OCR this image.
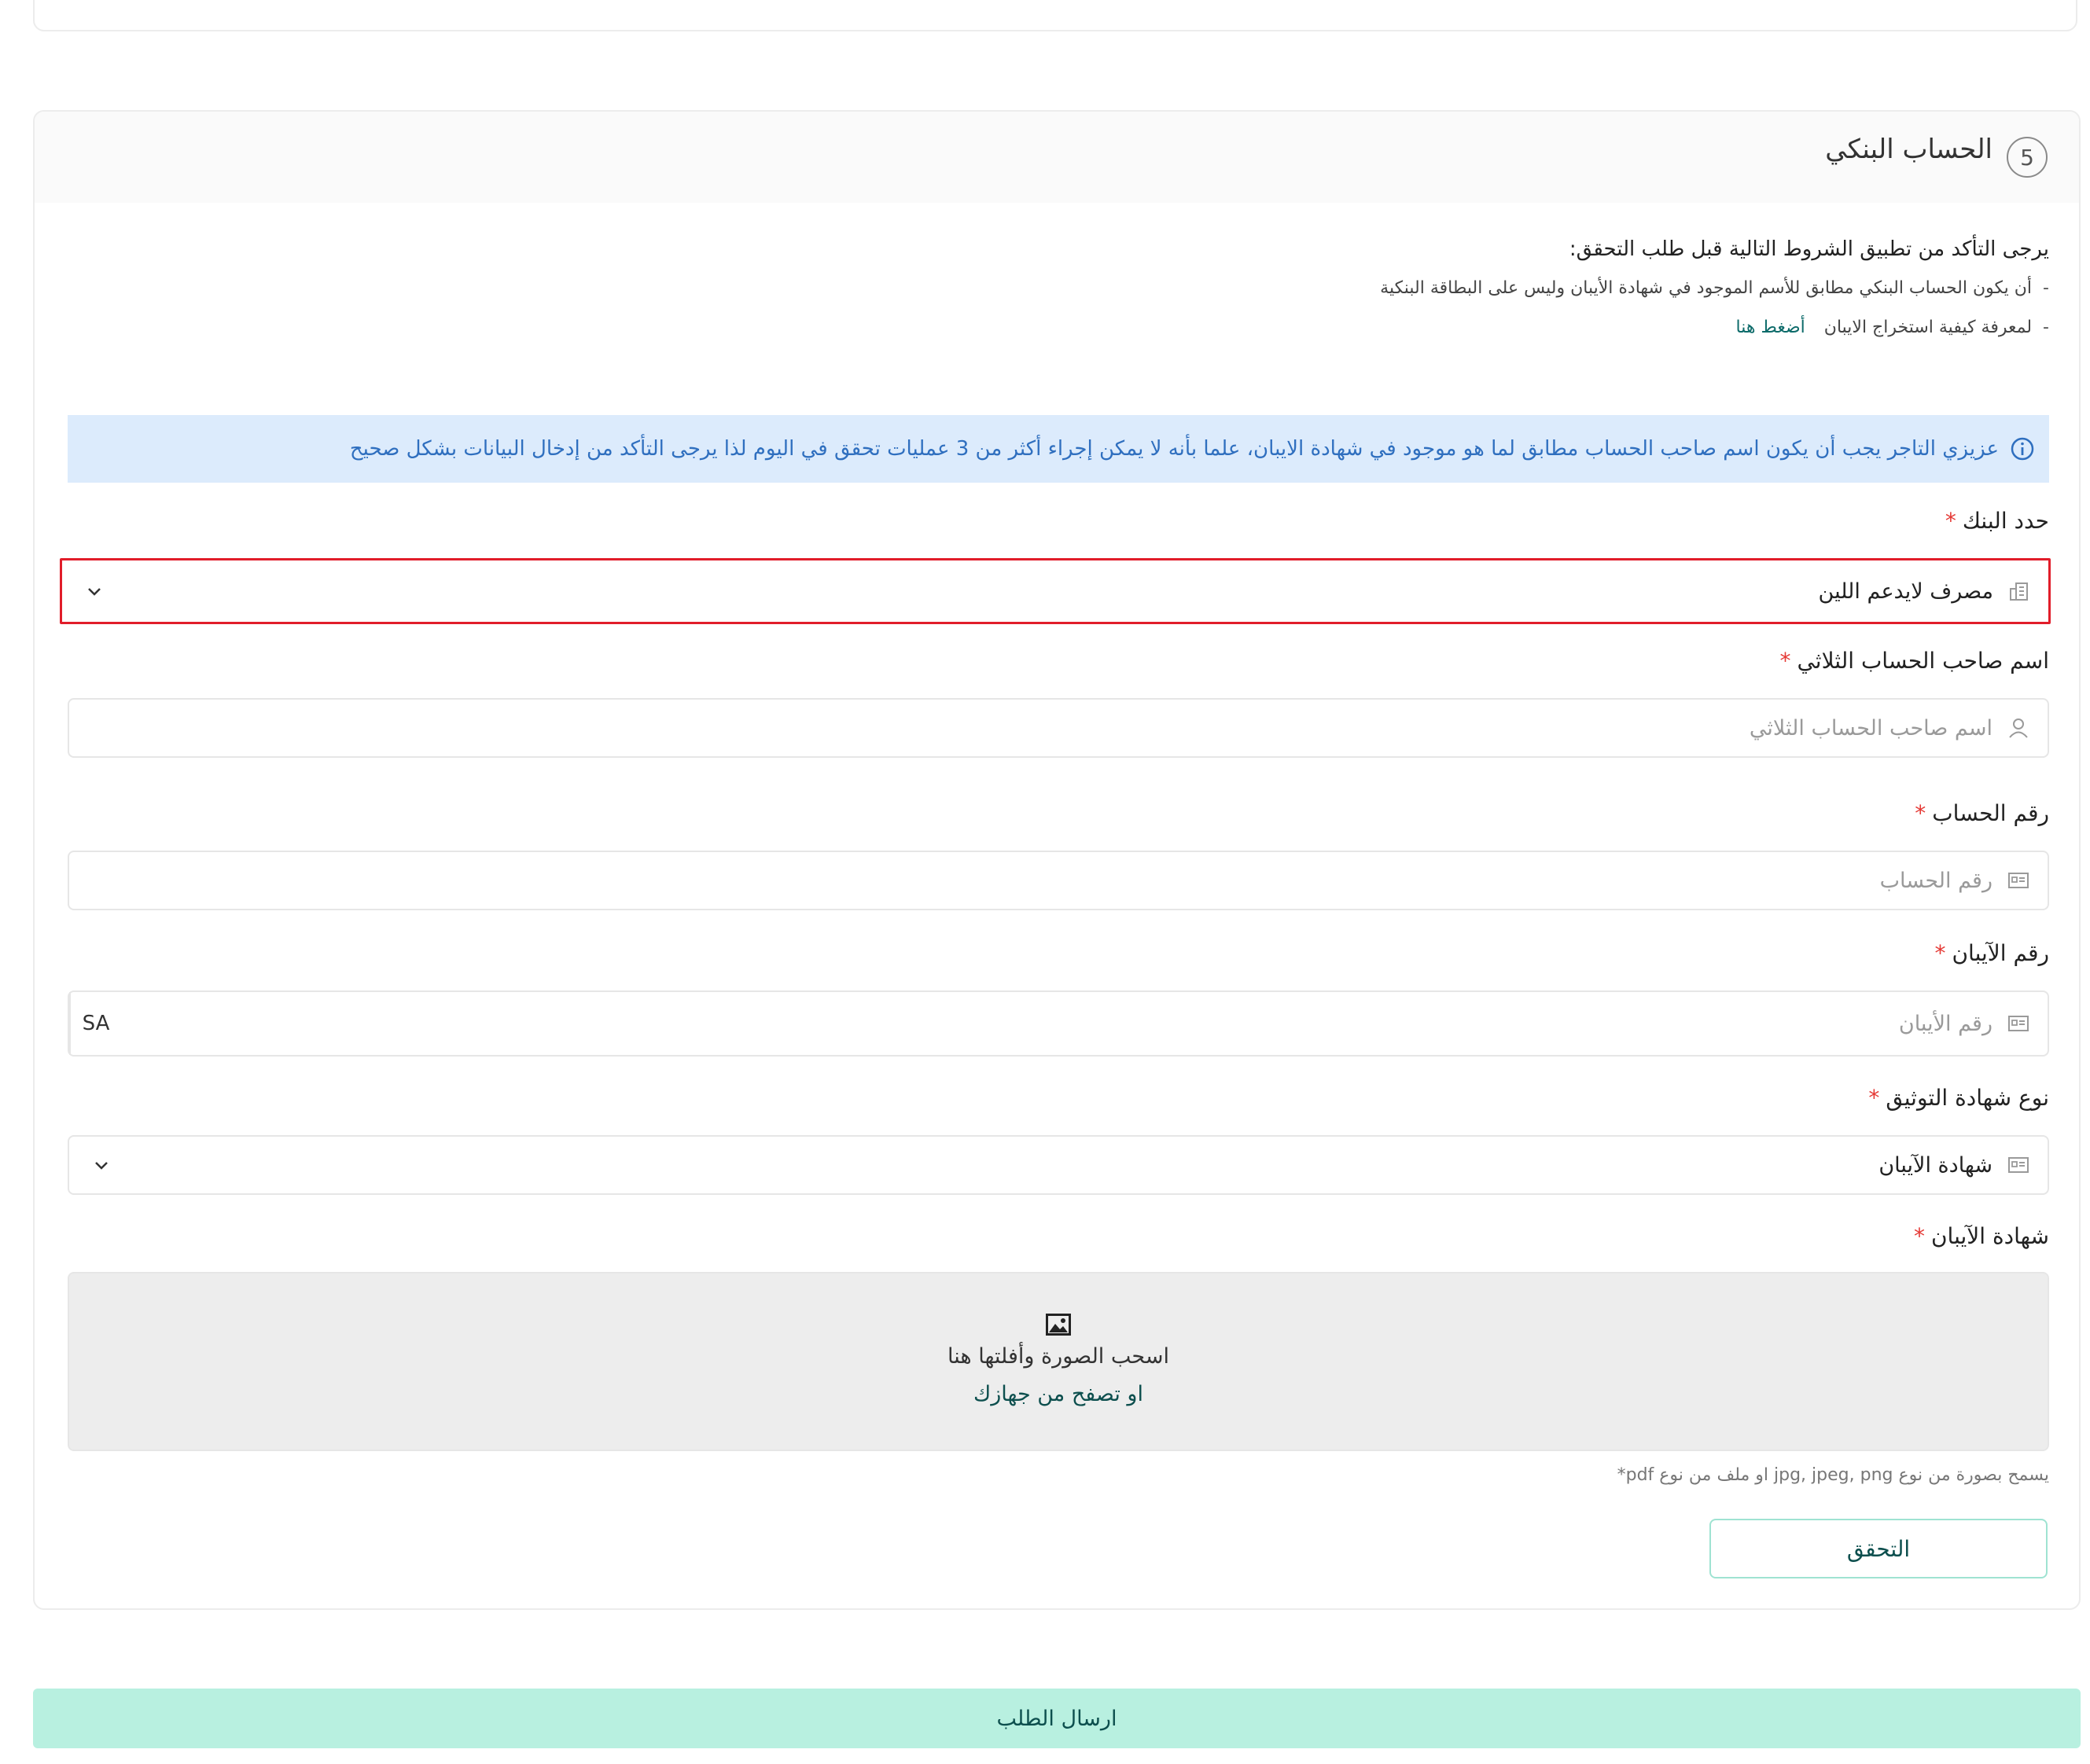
5
الحساب البنكي
يرجى التأكد من تطبيق الشروط التالية قبل طلب التحقق:
-
أن يكون الحساب البنكي مطابق للأسم الموجود في شهادة الأيبان وليس على البطاقة البنكية
-
لمعرفة كيفية استخراج الايبان
أضغط هنا
عزيزي التاجر يجب أن يكون اسم صاحب الحساب مطابق لما هو موجود في شهادة الايبان، علما بأنه لا يمكن إجراء أكثر من 3 عمليات تحقق في اليوم لذا يرجى التأكد من إدخال البيانات بشكل صحيح
حدد البنك*
مصرف لايدعم اللين
اسم صاحب الحساب الثلاثي*
اسم صاحب الحساب الثلاثي
رقم الحساب*
رقم الحساب
رقم الآيبان*
رقم الأيبان
SA
نوع شهادة التوثيق*
شهادة الآيبان
شهادة الآيبان*
اسحب الصورة وأفلتها هنا
او تصفح من جهازك
يسمح بصورة من نوع jpg, jpeg, png او ملف من نوع pdf*
التحقق
ارسال الطلب
